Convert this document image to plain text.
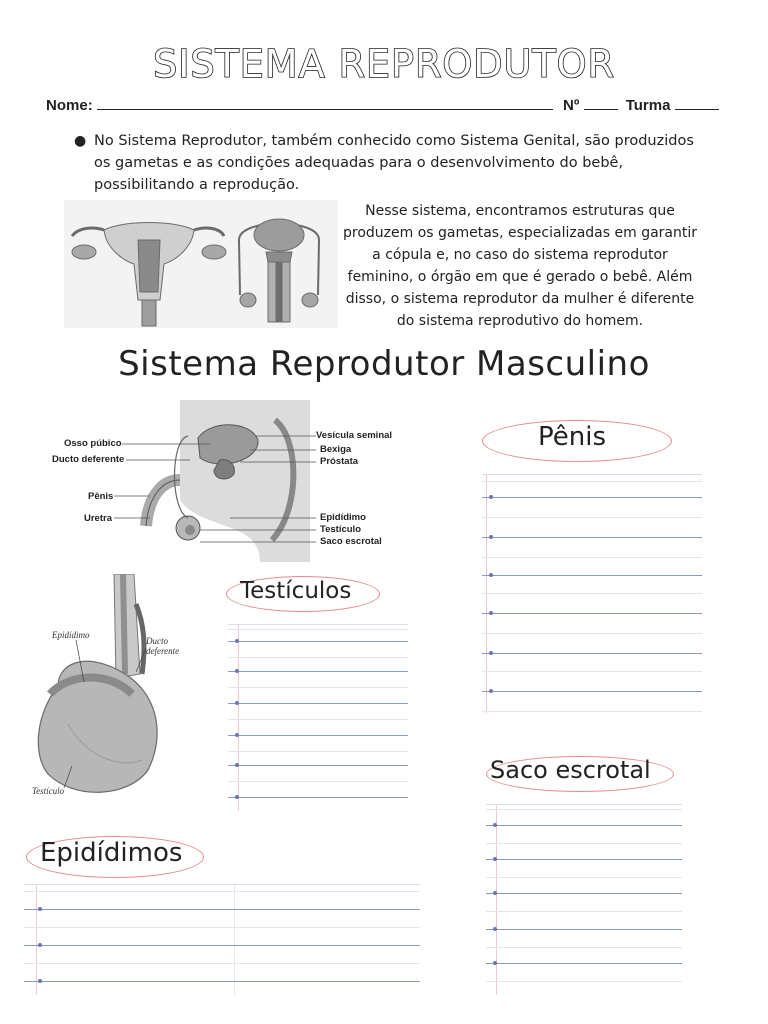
SISTEMA REPRODUTOR
Nome:	Nº	Turma
● No Sistema Reprodutor, também conhecido como Sistema Genital, são produzidos os gametas e as condições adequadas para o desenvolvimento do bebê, possibilitando a reprodução.
Nesse sistema, encontramos estruturas que produzem os gametas, especializadas em garantir a cópula e, no caso do sistema reprodutor feminino, o órgão em que é gerado o bebê. Além disso, o sistema reprodutor da mulher é diferente do sistema reprodutivo do homem.
Sistema Reprodutor Masculino
Osso púbico
Ducto deferente
Pênis
Uretra
Vesícula seminal
Bexiga
Próstata
Epidídimo
Testículo
Saco escrotal
Epidídimo
Ducto deferente
Testículo
Pênis
Testículos
Saco escrotal
Epidídimos
